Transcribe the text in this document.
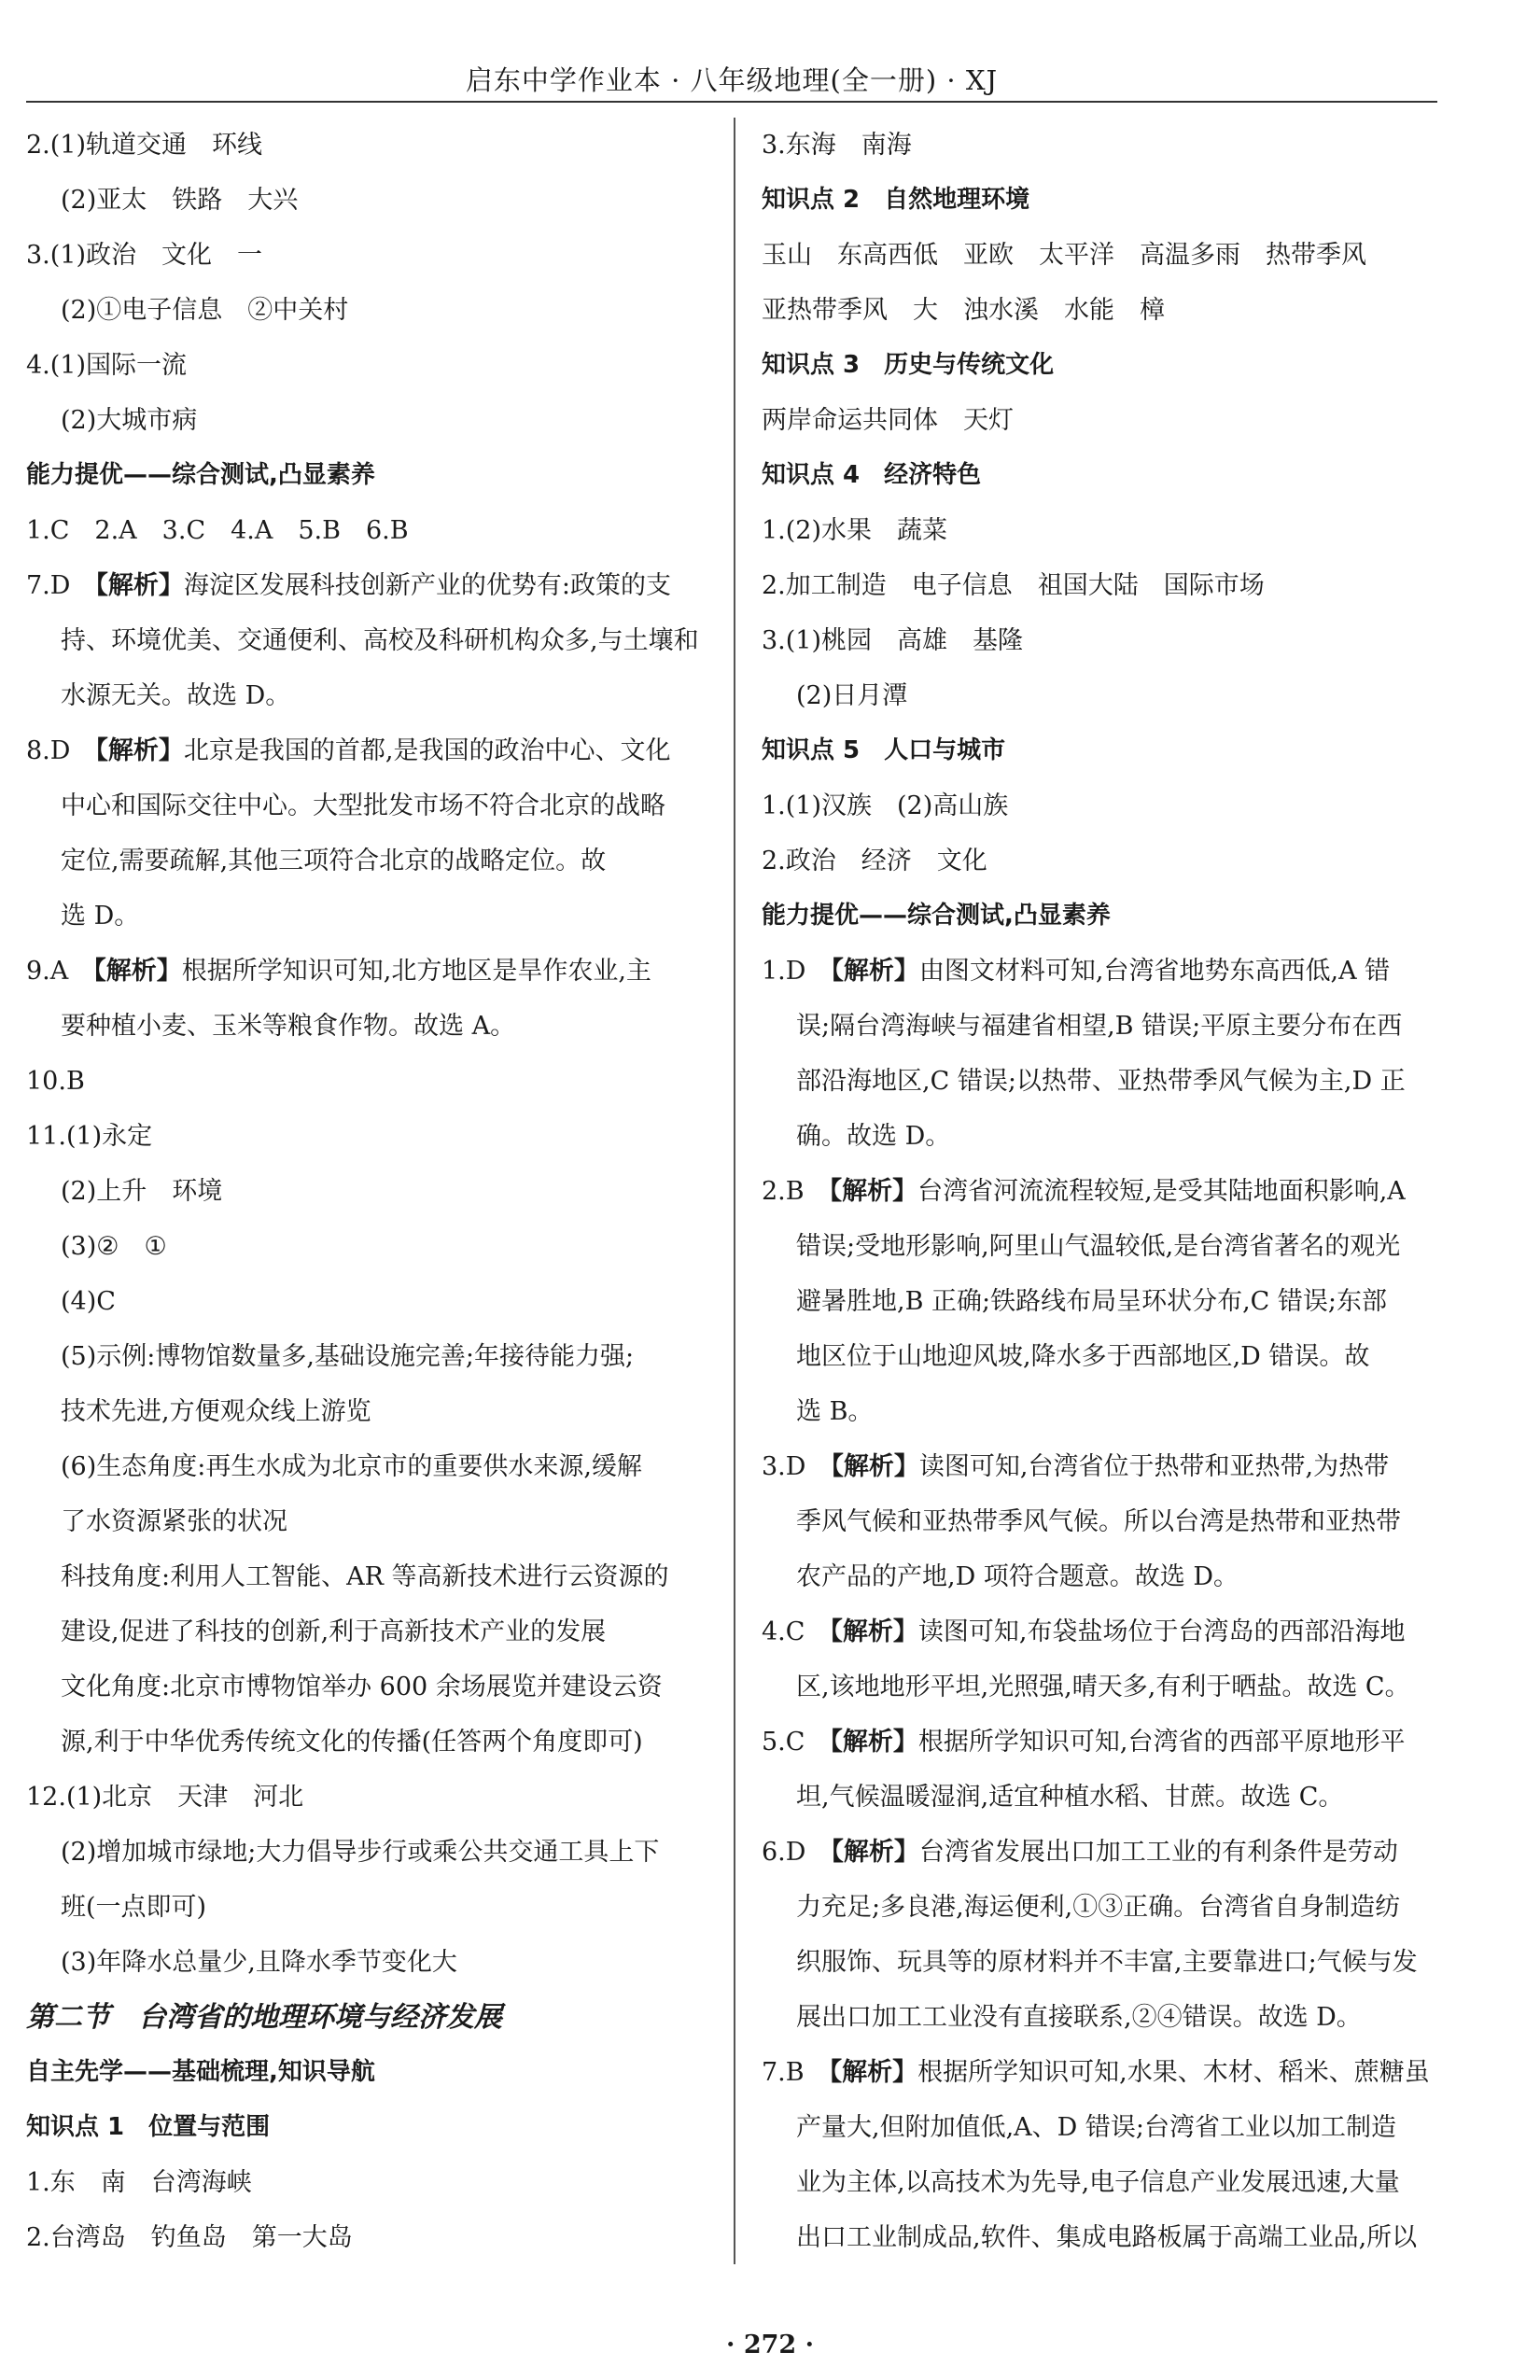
启东中学作业本 · 八年级地理(全一册) · XJ
2.(1)轨道交通　环线
(2)亚太　铁路　大兴
3.(1)政治　文化　一
(2)①电子信息　②中关村
4.(1)国际一流
(2)大城市病
能力提优——综合测试,凸显素养
1.C　2.A　3.C　4.A　5.B　6.B
7.D　【解析】海淀区发展科技创新产业的优势有:政策的支
持、环境优美、交通便利、高校及科研机构众多,与土壤和
水源无关。故选 D。
8.D　【解析】北京是我国的首都,是我国的政治中心、文化
中心和国际交往中心。大型批发市场不符合北京的战略
定位,需要疏解,其他三项符合北京的战略定位。故
选 D。
9.A　【解析】根据所学知识可知,北方地区是旱作农业,主
要种植小麦、玉米等粮食作物。故选 A。
10.B
11.(1)永定
(2)上升　环境
(3)②　①
(4)C
(5)示例:博物馆数量多,基础设施完善;年接待能力强;
技术先进,方便观众线上游览
(6)生态角度:再生水成为北京市的重要供水来源,缓解
了水资源紧张的状况
科技角度:利用人工智能、AR 等高新技术进行云资源的
建设,促进了科技的创新,利于高新技术产业的发展
文化角度:北京市博物馆举办 600 余场展览并建设云资
源,利于中华优秀传统文化的传播(任答两个角度即可)
12.(1)北京　天津　河北
(2)增加城市绿地;大力倡导步行或乘公共交通工具上下
班(一点即可)
(3)年降水总量少,且降水季节变化大
第二节　台湾省的地理环境与经济发展
自主先学——基础梳理,知识导航
知识点 1　位置与范围
1.东　南　台湾海峡
2.台湾岛　钓鱼岛　第一大岛
3.东海　南海
知识点 2　自然地理环境
玉山　东高西低　亚欧　太平洋　高温多雨　热带季风
亚热带季风　大　浊水溪　水能　樟
知识点 3　历史与传统文化
两岸命运共同体　天灯
知识点 4　经济特色
1.(2)水果　蔬菜
2.加工制造　电子信息　祖国大陆　国际市场
3.(1)桃园　高雄　基隆
(2)日月潭
知识点 5　人口与城市
1.(1)汉族　(2)高山族
2.政治　经济　文化
能力提优——综合测试,凸显素养
1.D　【解析】由图文材料可知,台湾省地势东高西低,A 错
误;隔台湾海峡与福建省相望,B 错误;平原主要分布在西
部沿海地区,C 错误;以热带、亚热带季风气候为主,D 正
确。故选 D。
2.B　【解析】台湾省河流流程较短,是受其陆地面积影响,A
错误;受地形影响,阿里山气温较低,是台湾省著名的观光
避暑胜地,B 正确;铁路线布局呈环状分布,C 错误;东部
地区位于山地迎风坡,降水多于西部地区,D 错误。故
选 B。
3.D　【解析】读图可知,台湾省位于热带和亚热带,为热带
季风气候和亚热带季风气候。所以台湾是热带和亚热带
农产品的产地,D 项符合题意。故选 D。
4.C　【解析】读图可知,布袋盐场位于台湾岛的西部沿海地
区,该地地形平坦,光照强,晴天多,有利于晒盐。故选 C。
5.C　【解析】根据所学知识可知,台湾省的西部平原地形平
坦,气候温暖湿润,适宜种植水稻、甘蔗。故选 C。
6.D　【解析】台湾省发展出口加工工业的有利条件是劳动
力充足;多良港,海运便利,①③正确。台湾省自身制造纺
织服饰、玩具等的原材料并不丰富,主要靠进口;气候与发
展出口加工工业没有直接联系,②④错误。故选 D。
7.B　【解析】根据所学知识可知,水果、木材、稻米、蔗糖虽
产量大,但附加值低,A、D 错误;台湾省工业以加工制造
业为主体,以高技术为先导,电子信息产业发展迅速,大量
出口工业制成品,软件、集成电路板属于高端工业品,所以
· 272 ·
